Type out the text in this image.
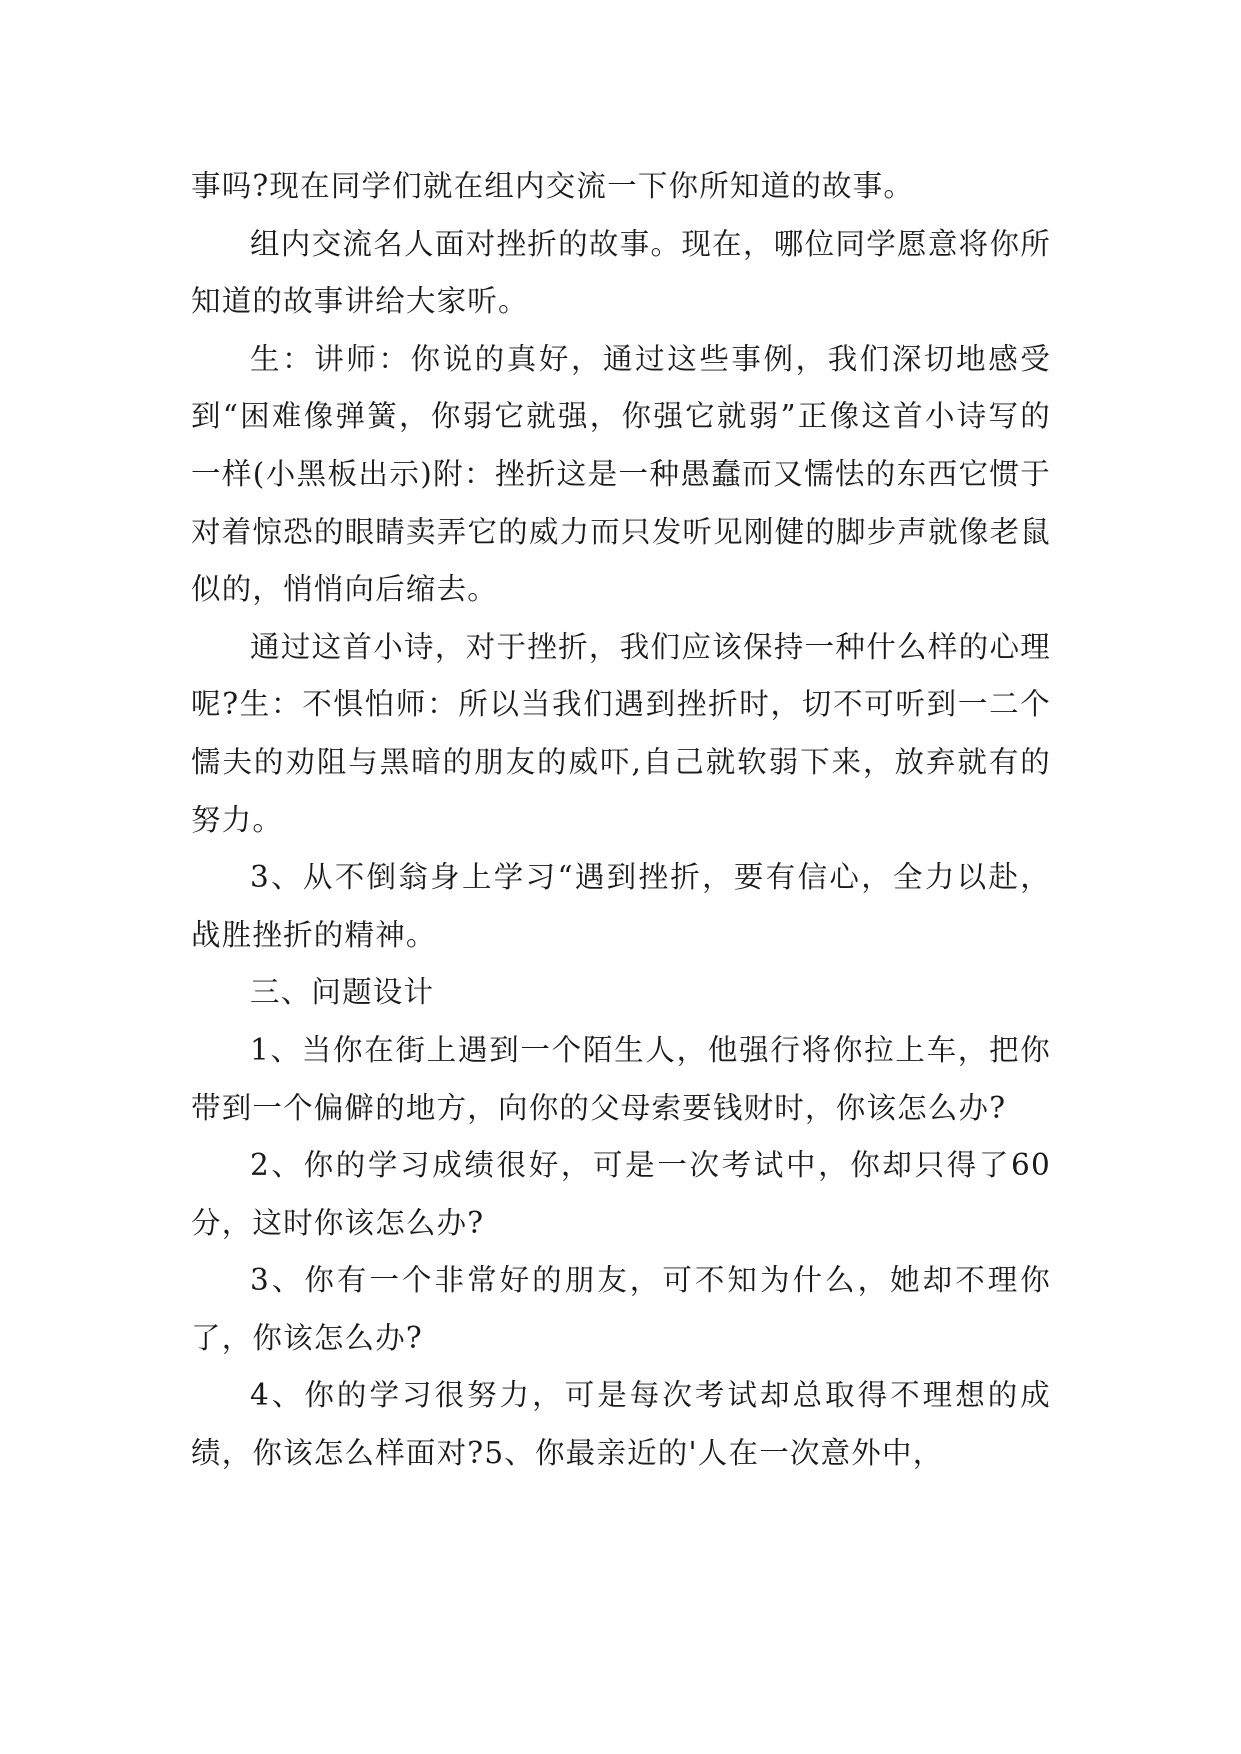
事吗?现在同学们就在组内交流一下你所知道的故事。

组内交流名人面对挫折的故事。现在，哪位同学愿意将你所知道的故事讲给大家听。

生：讲师：你说的真好，通过这些事例，我们深切地感受到“困难像弹簧，你弱它就强，你强它就弱”正像这首小诗写的一样(小黑板出示)附：挫折这是一种愚蠢而又懦怯的东西它惯于对着惊恐的眼睛卖弄它的威力而只发听见刚健的脚步声就像老鼠似的，悄悄向后缩去。

通过这首小诗，对于挫折，我们应该保持一种什么样的心理呢?生：不惧怕师：所以当我们遇到挫折时，切不可听到一二个懦夫的劝阻与黑暗的朋友的威吓,自己就软弱下来，放弃就有的努力。

3、从不倒翁身上学习“遇到挫折，要有信心，全力以赴，战胜挫折的精神。

三、问题设计

1、当你在街上遇到一个陌生人，他强行将你拉上车，把你带到一个偏僻的地方，向你的父母索要钱财时，你该怎么办?

2、你的学习成绩很好，可是一次考试中，你却只得了60分，这时你该怎么办?

3、你有一个非常好的朋友，可不知为什么，她却不理你了，你该怎么办?

4、你的学习很努力，可是每次考试却总取得不理想的成绩，你该怎么样面对?5、你最亲近的'人在一次意外中，
